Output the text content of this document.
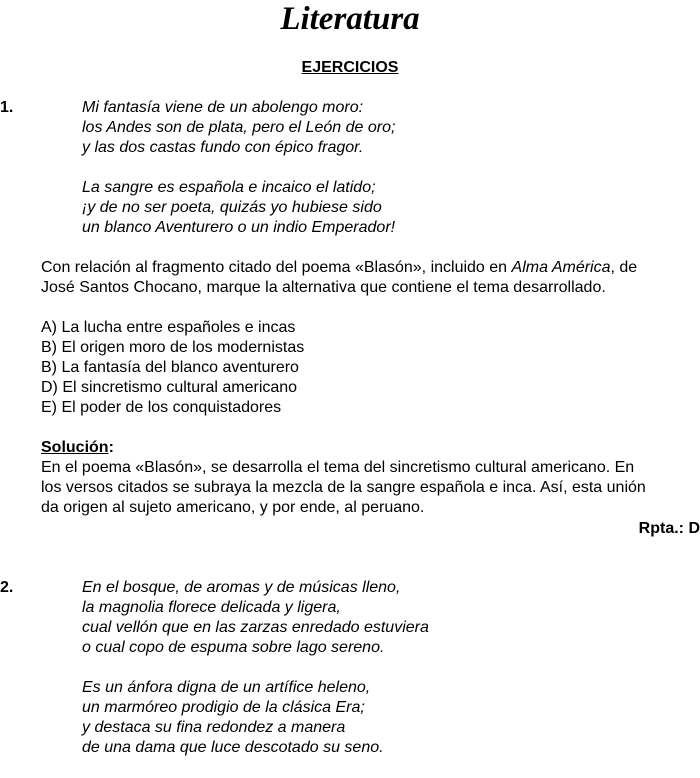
Literatura
EJERCICIOS
1.	Mi fantasía viene de un abolengo moro:
los Andes son de plata, pero el León de oro;
y las dos castas fundo con épico fragor.
La sangre es española e incaico el latido;
¡y de no ser poeta, quizás yo hubiese sido
un blanco Aventurero o un indio Emperador!
Con relación al fragmento citado del poema «Blasón», incluido en Alma América, de
José Santos Chocano, marque la alternativa que contiene el tema desarrollado.
A) La lucha entre españoles e incas
B) El origen moro de los modernistas
B) La fantasía del blanco aventurero
D) El sincretismo cultural americano
E) El poder de los conquistadores
Solución:
En el poema «Blasón», se desarrolla el tema del sincretismo cultural americano. En
los versos citados se subraya la mezcla de la sangre española e inca. Así, esta unión
da origen al sujeto americano, y por ende, al peruano.
Rpta.: D
2.	En el bosque, de aromas y de músicas lleno,
la magnolia florece delicada y ligera,
cual vellón que en las zarzas enredado estuviera
o cual copo de espuma sobre lago sereno.
Es un ánfora digna de un artífice heleno,
un marmóreo prodigio de la clásica Era;
y destaca su fina redondez a manera
de una dama que luce descotado su seno.
